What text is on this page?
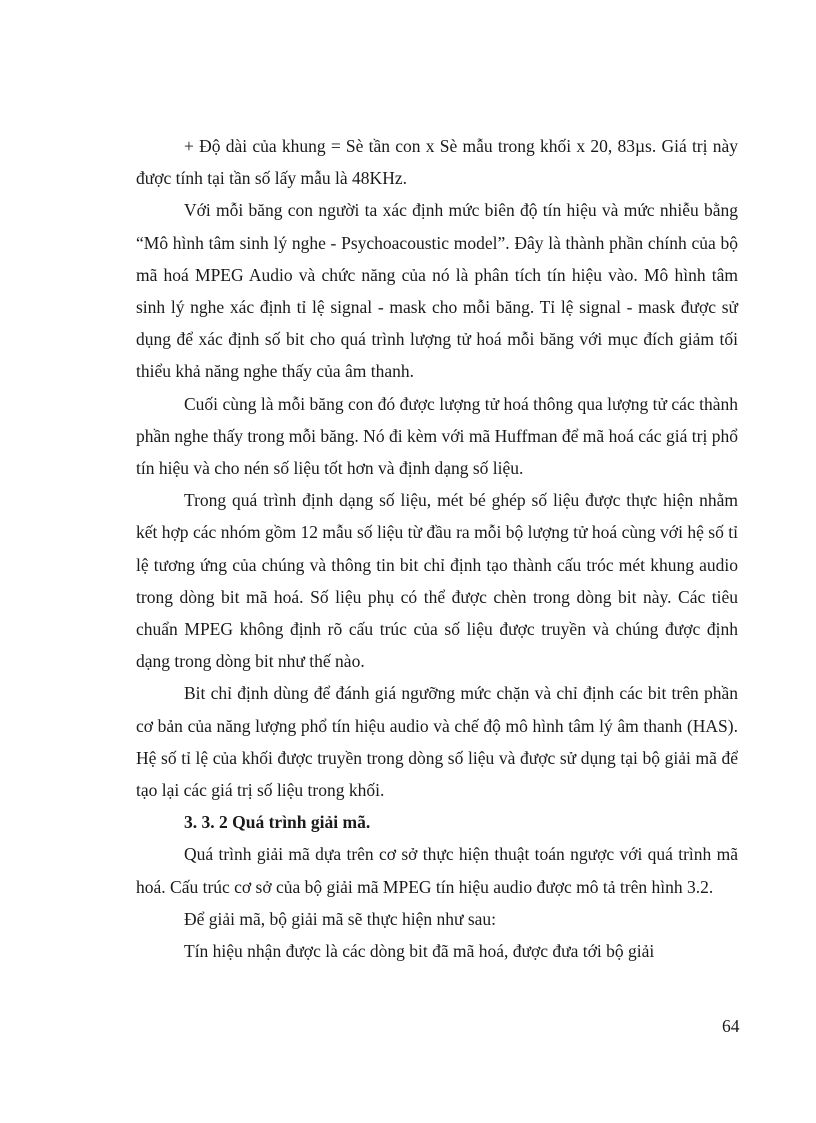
+ Độ dài của khung = Sè tần con x Sè mẫu trong khối x 20, 83µs. Giá trị này được tính tại tần số lấy mẫu là 48KHz.

Với mỗi băng con người ta xác định mức biên độ tín hiệu và mức nhiễu bằng “Mô hình tâm sinh lý nghe - Psychoacoustic model”. Đây là thành phần chính của bộ mã hoá MPEG Audio và chức năng của nó là phân tích tín hiệu vào. Mô hình tâm sinh lý nghe xác định tỉ lệ signal - mask cho mỗi băng. Tỉ lệ signal - mask được sử dụng để xác định số bit cho quá trình lượng tử hoá mỗi băng với mục đích giảm tối thiểu khả năng nghe thấy của âm thanh.

Cuối cùng là mỗi băng con đó được lượng tử hoá thông qua lượng tử các thành phần nghe thấy trong mỗi băng. Nó đi kèm với mã Huffman để mã hoá các giá trị phổ tín hiệu và cho nén số liệu tốt hơn và định dạng số liệu.

Trong quá trình định dạng số liệu, mét bé ghép số liệu được thực hiện nhằm kết hợp các nhóm gồm 12 mẫu số liệu từ đầu ra mỗi bộ lượng tử hoá cùng với hệ số tỉ lệ tương ứng của chúng và thông tin bit chỉ định tạo thành cấu tróc mét khung audio trong dòng bit mã hoá. Số liệu phụ có thể được chèn trong dòng bit này. Các tiêu chuẩn MPEG không định rõ cấu trúc của số liệu được truyền và chúng được định dạng trong dòng bit như thế nào.

Bit chỉ định dùng để đánh giá ngưỡng mức chặn và chỉ định các bit trên phần cơ bản của năng lượng phổ tín hiệu audio và chế độ mô hình tâm lý âm thanh (HAS). Hệ số tỉ lệ của khối được truyền trong dòng số liệu và được sử dụng tại bộ giải mã để tạo lại các giá trị số liệu trong khối.

3. 3. 2 Quá trình giải mã.

Quá trình giải mã dựa trên cơ sở thực hiện thuật toán ngược với quá trình mã hoá. Cấu trúc cơ sở của bộ giải mã MPEG tín hiệu audio được mô tả trên hình 3.2.

Để giải mã, bộ giải mã sẽ thực hiện như sau:

Tín hiệu nhận được là các dòng bit đã mã hoá, được đưa tới bộ giải

64
